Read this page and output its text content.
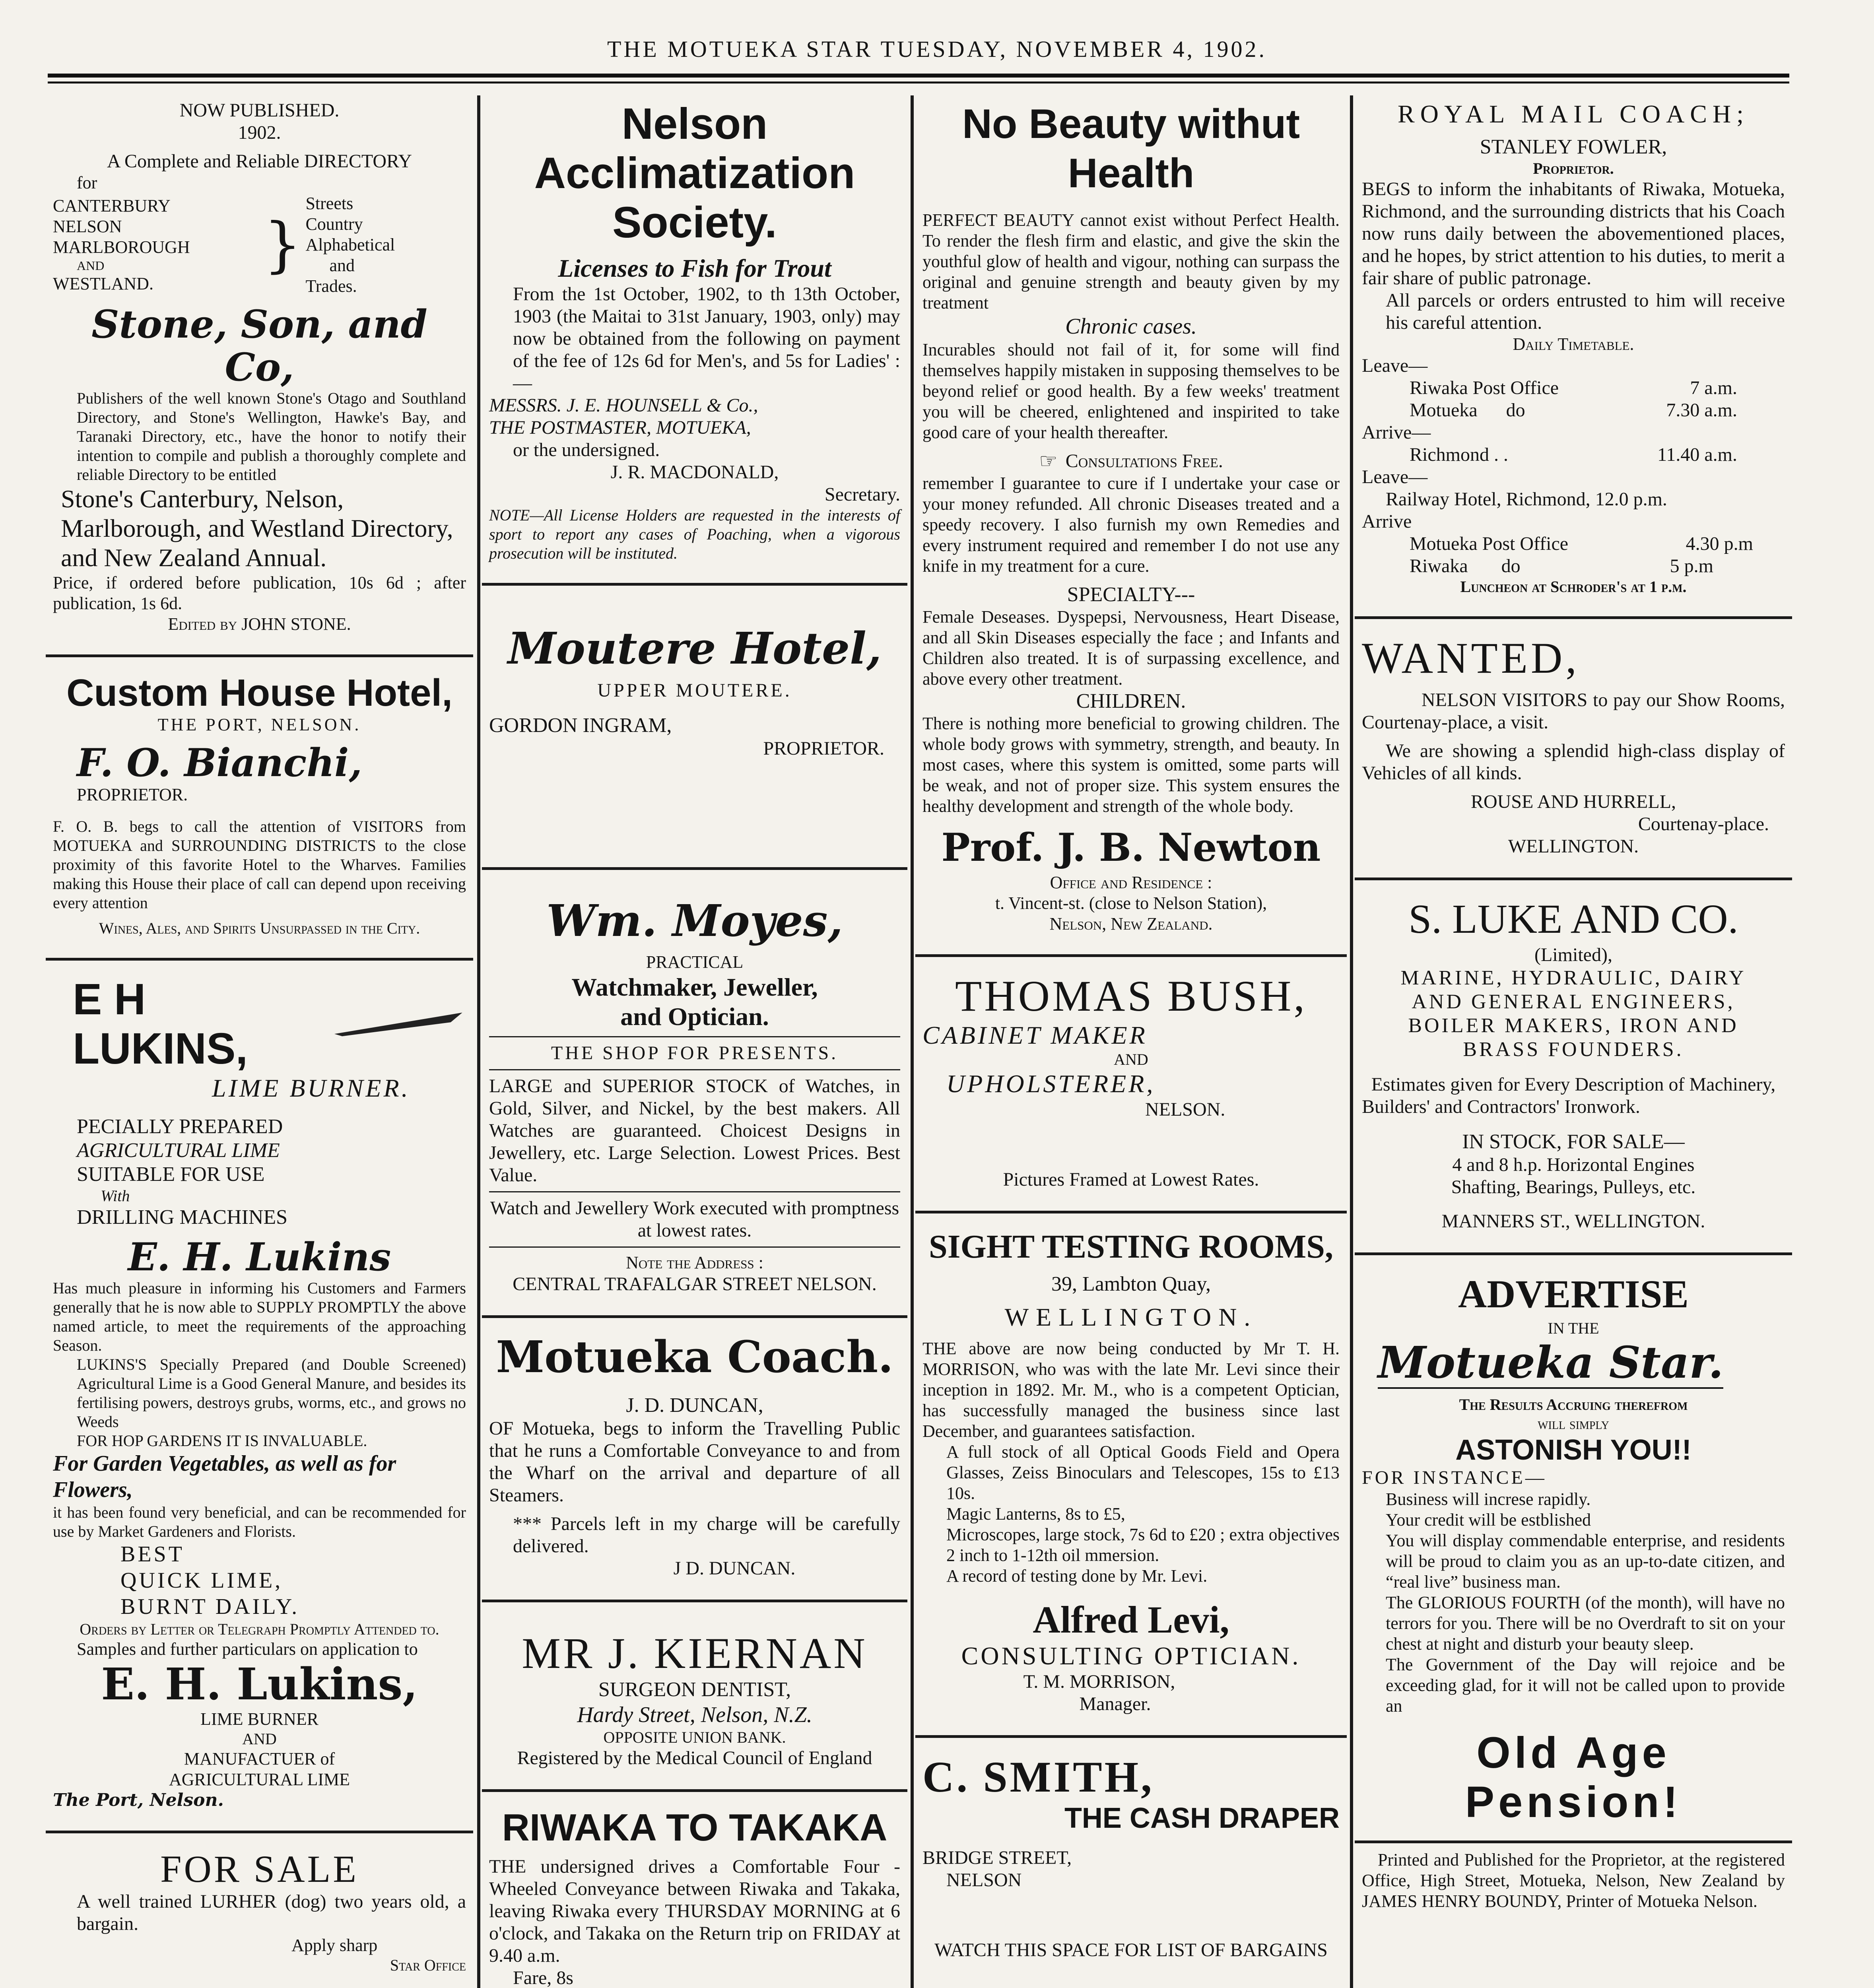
THE MOTUEKA STAR TUESDAY, NOVEMBER 4, 1902.

NOW PUBLISHED.

1902.

A Complete and Reliable DIRECTORY

for

CANTERBURY

NELSON

MARLBOROUGH

AND

WESTLAND.

}

Streets

Country

Alphabetical

and

Trades.

Stone, Son, and Co,

Publishers of the well known Stone's Otago and Southland Directory, and Stone's Wellington, Hawke's Bay, and Taranaki Directory, etc., have the honor to notify their intention to compile and publish a thoroughly complete and reliable Directory to be entitled

Stone's Canterbury, Nelson, Marlborough, and Westland Directory, and New Zealand Annual.

Price, if ordered before publication, 10s 6d ; after publication, 1s 6d.

Edited by JOHN STONE.

Custom House Hotel,

THE PORT, NELSON.

F. O. Bianchi,

PROPRIETOR.

F. O. B. begs to call the attention of VISITORS from MOTUEKA and SURROUNDING DISTRICTS to the close proximity of this favorite Hotel to the Wharves. Families making this House their place of call can depend upon receiving every attention

Wines, Ales, and Spirits Unsurpassed in the City.

E H LUKINS,

LIME BURNER.

PECIALLY PREPARED

AGRICULTURAL LIME

SUITABLE FOR USE

With

DRILLING MACHINES

E. H. Lukins

Has much pleasure in informing his Customers and Farmers generally that he is now able to SUPPLY PROMPTLY the above named article, to meet the requirements of the approaching Season.

LUKINS'S Specially Prepared (and Double Screened) Agricultural Lime is a Good General Manure, and besides its fertilising powers, destroys grubs, worms, etc., and grows no Weeds

FOR HOP GARDENS IT IS INVALUABLE.

For Garden Vegetables, as well as for Flowers,

it has been found very beneficial, and can be recommended for use by Market Gardeners and Florists.

BEST

QUICK LIME,

BURNT DAILY.

Orders by Letter or Telegraph Promptly Attended to.

Samples and further particulars on application to

E. H. Lukins,

LIME BURNER

AND

MANUFACTUER of

AGRICULTURAL LIME

The Port, Nelson.

FOR SALE

A well trained LURHER (dog) two years old, a bargain.

Apply sharp

Star Office

Nelson Acclimatization

Society.

Licenses to Fish for Trout

From the 1st October, 1902, to th 13th October, 1903 (the Maitai to 31st January, 1903, only) may now be obtained from the following on payment of the fee of 12s 6d for Men's, and 5s for Ladies' :—

MESSRS. J. E. HOUNSELL & Co.,

THE POSTMASTER, MOTUEKA,

or the undersigned.

J. R. MACDONALD,

Secretary.

NOTE—All License Holders are requested in the interests of sport to report any cases of Poaching, when a vigorous prosecution will be instituted.

Moutere Hotel,

UPPER MOUTERE.

GORDON INGRAM,

PROPRIETOR.

Wm. Moyes,

PRACTICAL

Watchmaker, Jeweller,

and Optician.

THE SHOP FOR PRESENTS.

LARGE and SUPERIOR STOCK of Watches, in Gold, Silver, and Nickel, by the best makers. All Watches are guaranteed. Choicest Designs in Jewellery, etc. Large Selection. Lowest Prices. Best Value.

Watch and Jewellery Work executed with promptness at lowest rates.

Note the Address :

CENTRAL TRAFALGAR STREET NELSON.

Motueka Coach.

J. D. DUNCAN,

OF Motueka, begs to inform the Travelling Public that he runs a Comfortable Conveyance to and from the Wharf on the arrival and departure of all Steamers.

*** Parcels left in my charge will be carefully delivered.

J D. DUNCAN.

MR J. KIERNAN

SURGEON DENTIST,

Hardy Street, Nelson, N.Z.

OPPOSITE UNION BANK.

Registered by the Medical Council of England

RIWAKA TO TAKAKA

THE undersigned drives a Comfortable Four - Wheeled Conveyance between Riwaka and Takaka, leaving Riwaka every THURSDAY MORNING at 6 o'clock, and Takaka on the Return trip on FRIDAY at 9.40 a.m.

Fare, 8s

No Beauty withut Health

PERFECT BEAUTY cannot exist without Perfect Health. To render the flesh firm and elastic, and give the skin the youthful glow of health and vigour, nothing can surpass the original and genuine strength and beauty given by my treatment

Chronic cases.

Incurables should not fail of it, for some will find themselves happily mistaken in supposing themselves to be beyond relief or good health. By a few weeks' treatment you will be cheered, enlightened and inspirited to take good care of your health thereafter.

☞ Consultations Free.

remember I guarantee to cure if I undertake your case or your money refunded. All chronic Diseases treated and a speedy recovery. I also furnish my own Remedies and every instrument required and remember I do not use any knife in my treatment for a cure.

SPECIALTY---

Female Deseases. Dyspepsi, Nervousness, Heart Disease, and all Skin Diseases especially the face ; and Infants and Children also treated. It is of surpassing excellence, and above every other treatment.

CHILDREN.

There is nothing more beneficial to growing children. The whole body grows with symmetry, strength, and beauty. In most cases, where this system is omitted, some parts will be weak, and not of proper size. This system ensures the healthy development and strength of the whole body.

Prof. J. B. Newton

Office and Residence :

t. Vincent-st. (close to Nelson Station),

Nelson, New Zealand.

THOMAS BUSH,

CABINET MAKER

AND

UPHOLSTERER,

NELSON.

Pictures Framed at Lowest Rates.

SIGHT TESTING ROOMS,

39, Lambton Quay,

WELLINGTON.

THE above are now being conducted by Mr T. H. MORRISON, who was with the late Mr. Levi since their inception in 1892. Mr. M., who is a competent Optician, has successfully managed the business since last December, and guarantees satisfaction.

A full stock of all Optical Goods Field and Opera Glasses, Zeiss Binoculars and Telescopes, 15s to £13 10s.

Magic Lanterns, 8s to £5,

Microscopes, large stock, 7s 6d to £20 ; extra objectives 2 inch to 1-12th oil mmersion.

A record of testing done by Mr. Levi.

Alfred Levi,

CONSULTING OPTICIAN.

T. M. MORRISON,

Manager.

C. SMITH,

THE CASH DRAPER

BRIDGE STREET,

NELSON

WATCH THIS SPACE FOR LIST OF BARGAINS

ROYAL MAIL COACH;

STANLEY FOWLER,

Proprietor.

BEGS to inform the inhabitants of Riwaka, Motueka, Richmond, and the surrounding districts that his Coach now runs daily between the abovementioned places, and he hopes, by strict attention to his duties, to merit a fair share of public patronage.

All parcels or orders entrusted to him will receive his careful attention.

Daily Timetable.

Leave—

Riwaka Post Office	7 a.m.
Motueka      do	7.30 a.m.

Arrive—

Richmond . .	11.40 a.m.

Leave—

Railway Hotel, Richmond, 12.0 p.m.

Arrive

Motueka Post Office	4.30 p.m
Riwaka       do	5 p.m

Luncheon at Schroder's at 1 p.m.

WANTED,

NELSON VISITORS to pay our Show Rooms, Courtenay-place, a visit.

We are showing a splendid high-class display of Vehicles of all kinds.

ROUSE AND HURRELL,

Courtenay-place.

WELLINGTON.

S. LUKE AND CO.

(Limited),

MARINE, HYDRAULIC, DAIRY

AND GENERAL ENGINEERS,

BOILER MAKERS, IRON AND

BRASS FOUNDERS.

Estimates given for Every Description of Machinery,

Builders' and Contractors' Ironwork.

IN STOCK, FOR SALE—

4 and 8 h.p. Horizontal Engines

Shafting, Bearings, Pulleys, etc.

MANNERS ST., WELLINGTON.

ADVERTISE

IN THE

Motueka Star.

The Results Accruing therefrom

will simply

ASTONISH YOU!!

FOR INSTANCE—

Business will increse rapidly.

Your credit will be estblished

You will display commendable enterprise, and residents will be proud to claim you as an up-to-date citizen, and “real live” business man.

The GLORIOUS FOURTH (of the month), will have no terrors for you. There will be no Overdraft to sit on your chest at night and disturb your beauty sleep.

The Government of the Day will rejoice and be exceeding glad, for it will not be called upon to provide an

Old Age Pension!

Printed and Published for the Proprietor, at the registered Office, High Street, Motueka, Nelson, New Zealand by JAMES HENRY BOUNDY, Printer of Motueka Nelson.
